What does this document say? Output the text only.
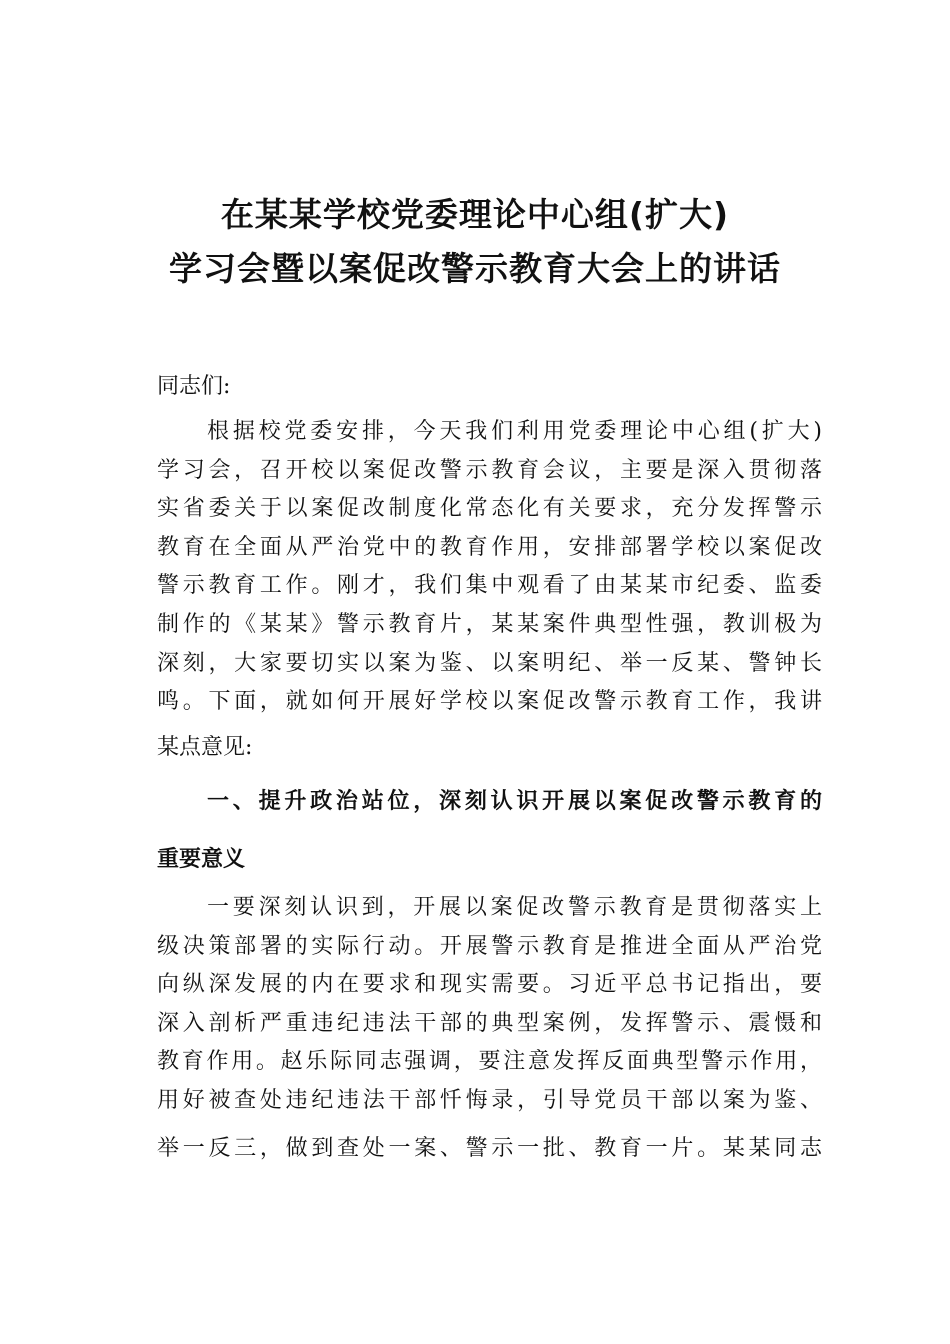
在某某学校党委理论中心组(扩大)
学习会暨以案促改警示教育大会上的讲话
同志们:
根据校党委安排，今天我们利用党委理论中心组(扩大)
学习会，召开校以案促改警示教育会议，主要是深入贯彻落
实省委关于以案促改制度化常态化有关要求，充分发挥警示
教育在全面从严治党中的教育作用，安排部署学校以案促改
警示教育工作。刚才，我们集中观看了由某某市纪委、监委
制作的《某某》警示教育片，某某案件典型性强，教训极为
深刻，大家要切实以案为鉴、以案明纪、举一反某、警钟长
鸣。下面，就如何开展好学校以案促改警示教育工作，我讲
某点意见:
一、提升政治站位，深刻认识开展以案促改警示教育的
重要意义
一要深刻认识到，开展以案促改警示教育是贯彻落实上
级决策部署的实际行动。开展警示教育是推进全面从严治党
向纵深发展的内在要求和现实需要。习近平总书记指出，要
深入剖析严重违纪违法干部的典型案例，发挥警示、震慑和
教育作用。赵乐际同志强调，要注意发挥反面典型警示作用，
用好被查处违纪违法干部忏悔录，引导党员干部以案为鉴、
举一反三，做到查处一案、警示一批、教育一片。某某同志
